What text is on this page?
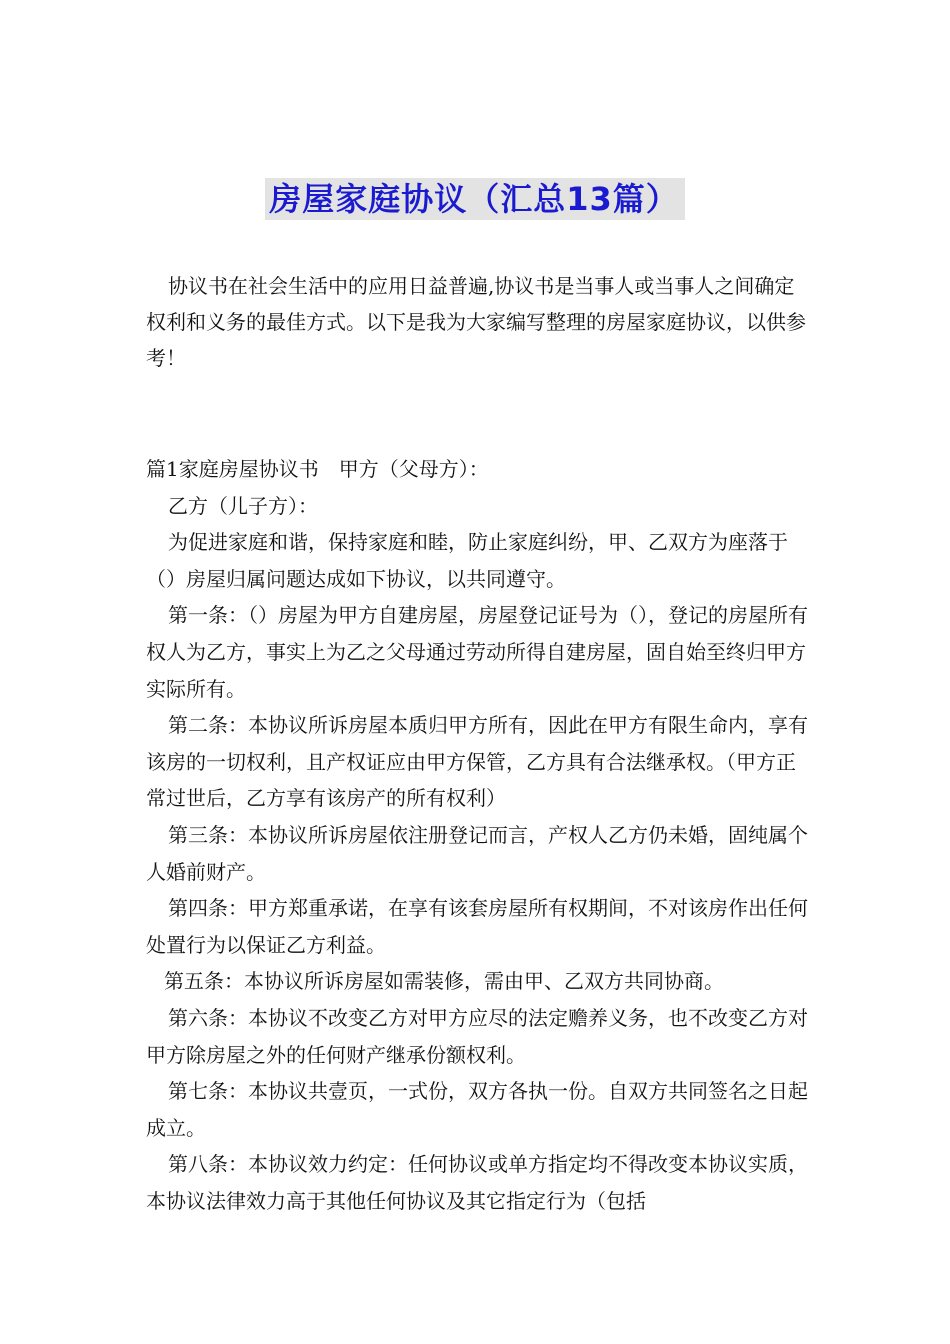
房屋家庭协议（汇总13篇）

协议书在社会生活中的应用日益普遍,协议书是当事人或当事人之间确定权利和义务的最佳方式。以下是我为大家编写整理的房屋家庭协议，以供参考！

篇1家庭房屋协议书　甲方（父母方）：

乙方（儿子方）：

为促进家庭和谐，保持家庭和睦，防止家庭纠纷，甲、乙双方为座落于（）房屋归属问题达成如下协议，以共同遵守。

第一条：（）房屋为甲方自建房屋，房屋登记证号为（），登记的房屋所有权人为乙方，事实上为乙之父母通过劳动所得自建房屋，固自始至终归甲方实际所有。

第二条：本协议所诉房屋本质归甲方所有，因此在甲方有限生命内，享有该房的一切权利，且产权证应由甲方保管，乙方具有合法继承权。（甲方正常过世后，乙方享有该房产的所有权利）

第三条：本协议所诉房屋依注册登记而言，产权人乙方仍未婚，固纯属个人婚前财产。

第四条：甲方郑重承诺，在享有该套房屋所有权期间，不对该房作出任何处置行为以保证乙方利益。

第五条：本协议所诉房屋如需装修，需由甲、乙双方共同协商。

第六条：本协议不改变乙方对甲方应尽的法定赡养义务，也不改变乙方对甲方除房屋之外的任何财产继承份额权利。

第七条：本协议共壹页，一式份，双方各执一份。自双方共同签名之日起成立。

第八条：本协议效力约定：任何协议或单方指定均不得改变本协议实质，本协议法律效力高于其他任何协议及其它指定行为（包括
